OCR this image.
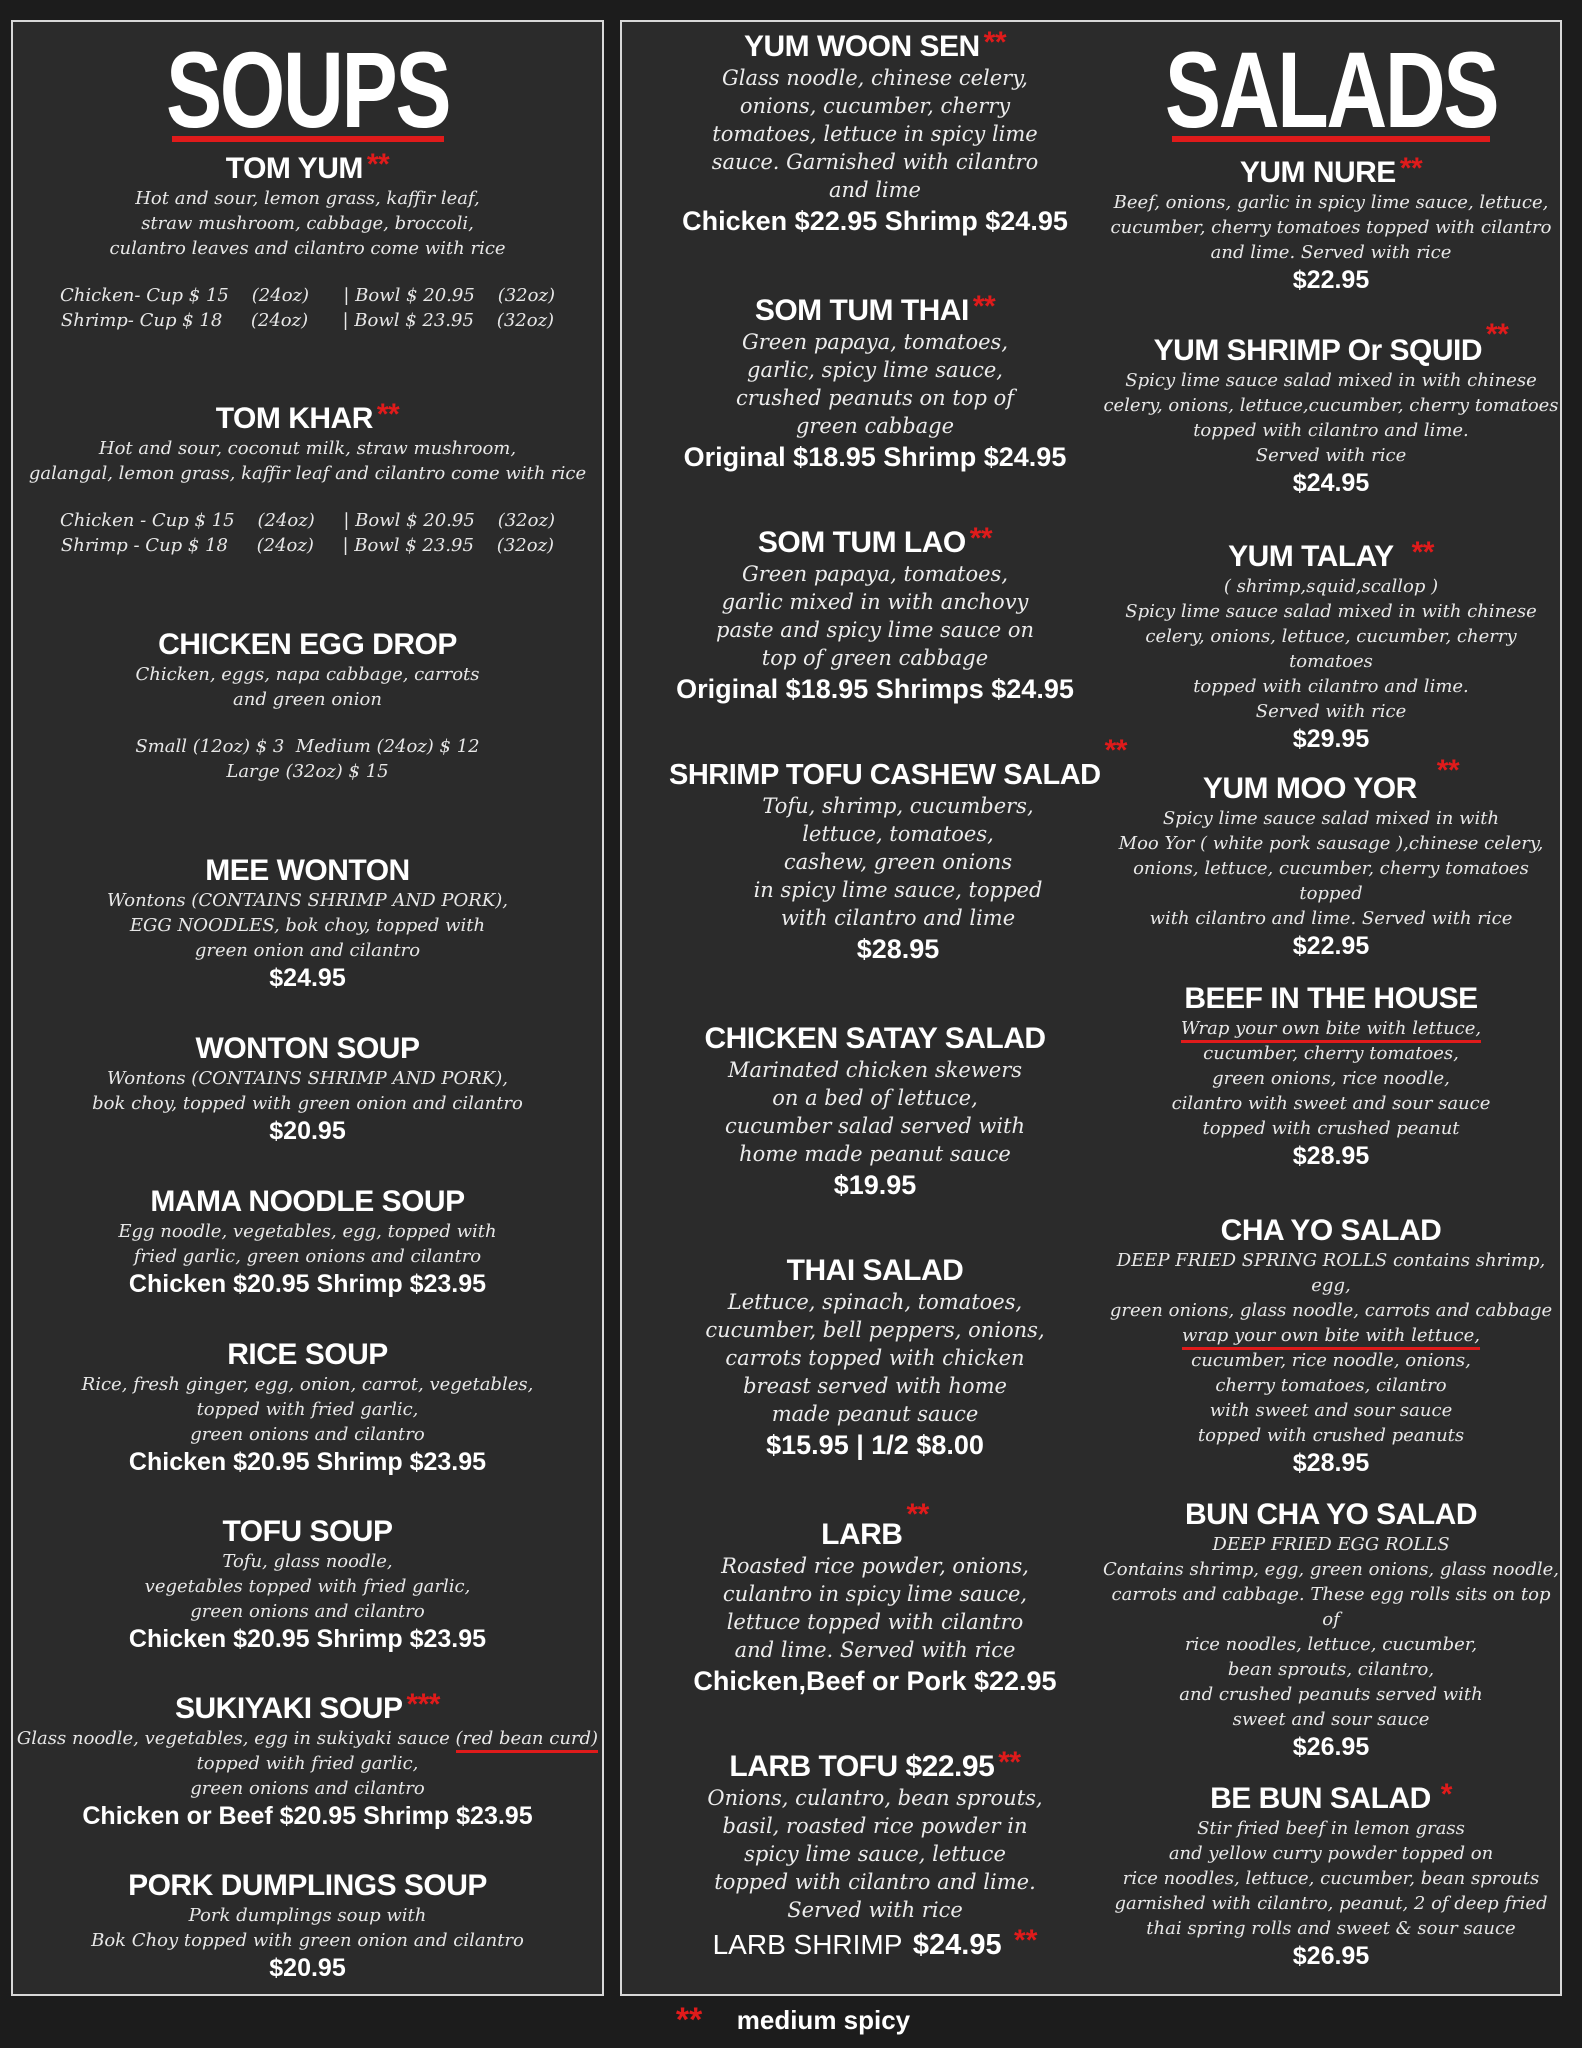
SOUPS
TOM YUM **
Hot and sour, lemon grass, kaffir leaf,
straw mushroom, cabbage, broccoli,
culantro leaves and cilantro come with rice
Chicken- Cup $ 15    (24oz)      | Bowl $ 20.95    (32oz)
Shrimp- Cup $ 18     (24oz)      | Bowl $ 23.95    (32oz)
TOM KHAR **
Hot and sour, coconut milk, straw mushroom,
galangal, lemon grass, kaffir leaf and cilantro come with rice
Chicken - Cup $ 15    (24oz)     | Bowl $ 20.95    (32oz)
Shrimp - Cup $ 18     (24oz)     | Bowl $ 23.95    (32oz)
CHICKEN EGG DROP
Chicken, eggs, napa cabbage, carrots
and green onion
Small (12oz) $ 3  Medium (24oz) $ 12
Large (32oz) $ 15
MEE WONTON
Wontons (CONTAINS SHRIMP AND PORK),
EGG NOODLES, bok choy, topped with
green onion and cilantro
$24.95
WONTON SOUP
Wontons (CONTAINS SHRIMP AND PORK),
bok choy, topped with green onion and cilantro
$20.95
MAMA NOODLE SOUP
Egg noodle, vegetables, egg, topped with
fried garlic, green onions and cilantro
Chicken $20.95 Shrimp $23.95
RICE SOUP
Rice, fresh ginger, egg, onion, carrot, vegetables,
topped with fried garlic,
green onions and cilantro
Chicken $20.95 Shrimp $23.95
TOFU SOUP
Tofu, glass noodle,
vegetables topped with fried garlic,
green onions and cilantro
Chicken $20.95 Shrimp $23.95
SUKIYAKI SOUP ***
Glass noodle, vegetables, egg in sukiyaki sauce (red bean curd)
topped with fried garlic,
green onions and cilantro
Chicken or Beef $20.95 Shrimp $23.95
PORK DUMPLINGS SOUP
Pork dumplings soup with
Bok Choy topped with green onion and cilantro
$20.95
YUM WOON SEN **
Glass noodle, chinese celery,
onions, cucumber, cherry
tomatoes, lettuce in spicy lime
sauce. Garnished with cilantro
and lime
Chicken $22.95 Shrimp $24.95
SOM TUM THAI **
Green papaya, tomatoes,
garlic, spicy lime sauce,
crushed peanuts on top of
green cabbage
Original $18.95 Shrimp $24.95
SOM TUM LAO **
Green papaya, tomatoes,
garlic mixed in with anchovy
paste and spicy lime sauce on
top of green cabbage
Original $18.95 Shrimps $24.95
SHRIMP TOFU CASHEW SALAD**
Tofu, shrimp, cucumbers,
lettuce, tomatoes,
cashew, green onions
in spicy lime sauce, topped
with cilantro and lime
$28.95
CHICKEN SATAY SALAD
Marinated chicken skewers
on a bed of lettuce,
cucumber salad served with
home made peanut sauce
$19.95
THAI SALAD
Lettuce, spinach, tomatoes,
cucumber, bell peppers, onions,
carrots topped with chicken
breast served with home
made peanut sauce
$15.95 | 1/2 $8.00
LARB**
Roasted rice powder, onions,
culantro in spicy lime sauce,
lettuce topped with cilantro
and lime. Served with rice
Chicken,Beef or Pork $22.95
LARB TOFU $22.95 **
Onions, culantro, bean sprouts,
basil, roasted rice powder in
spicy lime sauce, lettuce
topped with cilantro and lime.
Served with rice
LARB SHRIMP $24.95 **
SALADS
YUM NURE **
Beef, onions, garlic in spicy lime sauce, lettuce,
cucumber, cherry tomatoes topped with cilantro
and lime. Served with rice
$22.95
YUM SHRIMP Or SQUID **
Spicy lime sauce salad mixed in with chinese
celery, onions, lettuce,cucumber, cherry tomatoes
topped with cilantro and lime.
Served with rice
$24.95
YUM TALAY **
( shrimp,squid,scallop )
Spicy lime sauce salad mixed in with chinese
celery, onions, lettuce, cucumber, cherry tomatoes
topped with cilantro and lime.
Served with rice
$29.95
YUM MOO YOR**
Spicy lime sauce salad mixed in with
Moo Yor ( white pork sausage ),chinese celery,
onions, lettuce, cucumber, cherry tomatoes topped
with cilantro and lime. Served with rice
$22.95
BEEF IN THE HOUSE
Wrap your own bite with lettuce,
cucumber, cherry tomatoes,
green onions, rice noodle,
cilantro with sweet and sour sauce
topped with crushed peanut
$28.95
CHA YO SALAD
DEEP FRIED SPRING ROLLS contains shrimp, egg,
green onions, glass noodle, carrots and cabbage
wrap your own bite with lettuce,
cucumber, rice noodle, onions,
cherry tomatoes, cilantro
with sweet and sour sauce
topped with crushed peanuts
$28.95
BUN CHA YO SALAD
DEEP FRIED EGG ROLLS
Contains shrimp, egg, green onions, glass noodle,
carrots and cabbage. These egg rolls sits on top of
rice noodles, lettuce, cucumber,
bean sprouts, cilantro,
and crushed peanuts served with
sweet and sour sauce
$26.95
BE BUN SALAD *
Stir fried beef in lemon grass
and yellow curry powder topped on
rice noodles, lettuce, cucumber, bean sprouts
garnished with cilantro, peanut, 2 of deep fried
thai spring rolls and sweet & sour sauce
$26.95
** medium spicy
